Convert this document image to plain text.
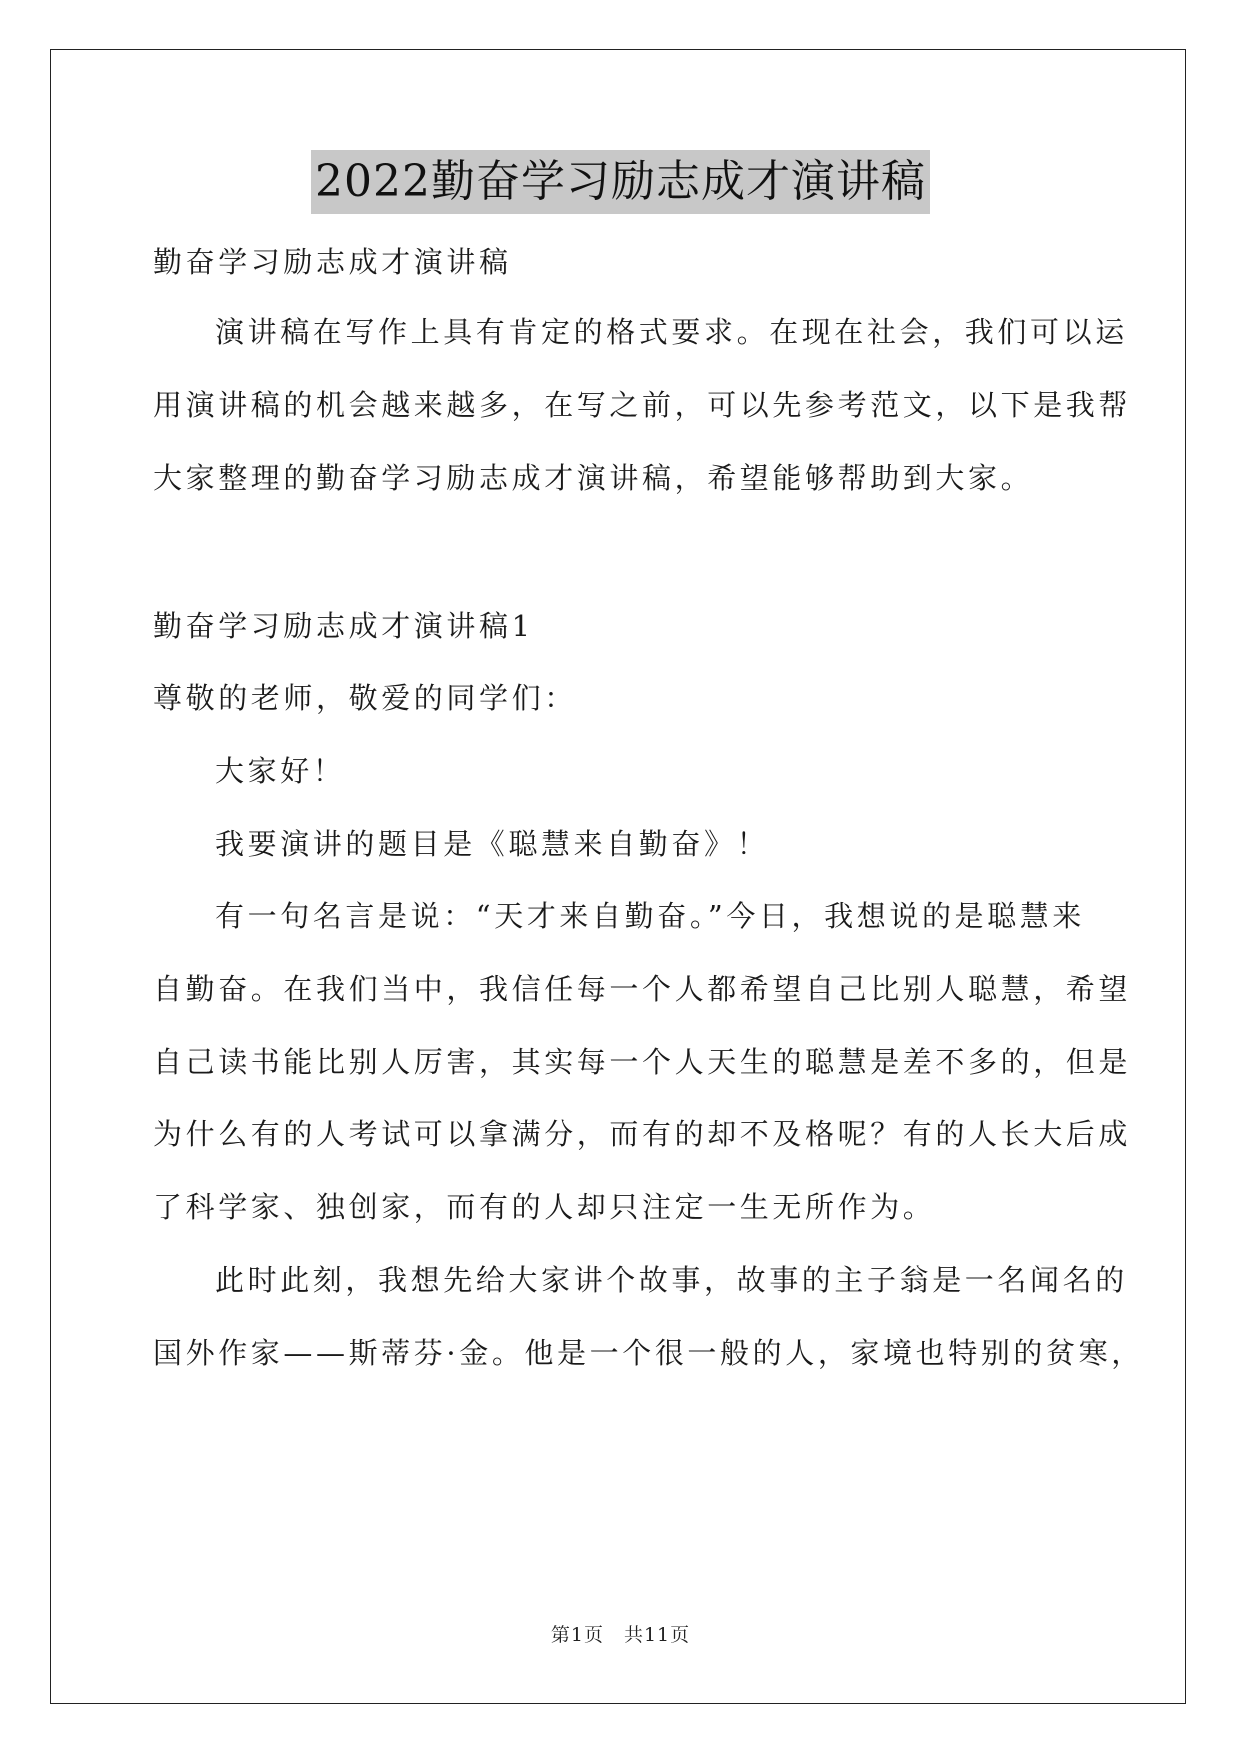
2022勤奋学习励志成才演讲稿
勤奋学习励志成才演讲稿
演讲稿在写作上具有肯定的格式要求。在现在社会，我们可以运
用演讲稿的机会越来越多，在写之前，可以先参考范文，以下是我帮
大家整理的勤奋学习励志成才演讲稿，希望能够帮助到大家。
勤奋学习励志成才演讲稿1
尊敬的老师，敬爱的同学们：
大家好！
我要演讲的题目是《聪慧来自勤奋》！
有一句名言是说：“天才来自勤奋。”今日，我想说的是聪慧来
自勤奋。在我们当中，我信任每一个人都希望自己比别人聪慧，希望
自己读书能比别人厉害，其实每一个人天生的聪慧是差不多的，但是
为什么有的人考试可以拿满分，而有的却不及格呢？有的人长大后成
了科学家、独创家，而有的人却只注定一生无所作为。
此时此刻，我想先给大家讲个故事，故事的主子翁是一名闻名的
国外作家——斯蒂芬·金。他是一个很一般的人，家境也特别的贫寒，
第1页　共11页
